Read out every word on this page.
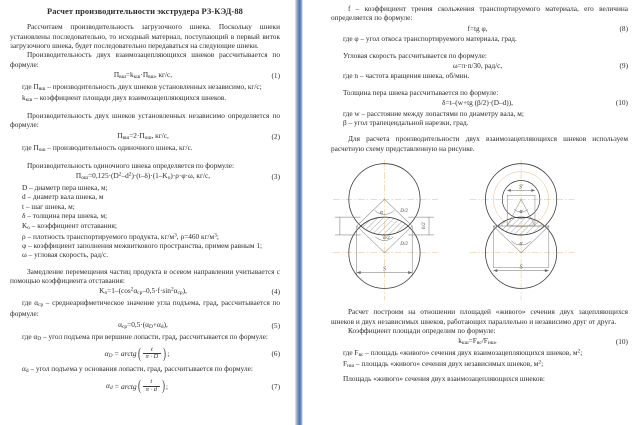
Расчет производительности экструдера РЗ-КЭД-88

Рассчитаем производительность загрузочного шнека. Поскольку шнеки установлены последовательно, то исходный материал, поступающий в первый виток загрузочного шнека, будет последовательно передаваться на следующие шнеки.

Производительность двух взаимозацепляющихся шнеков рассчитывается по формуле:

$П_{вш}=k_{кш}\cdot П_{вш}$, кг/с,	(1)

где $П_{вш}$ – производительность двух шнеков установленных независимо, кг/с;

$k_{кш}$ – коэффициент площади двух взаимозацепляющихся шнеков.

Производительность двух шнеков установленных независимо определяется по формуле:

$П_{вш}=2\cdot П_{ош}$, кг/с,	(2)

где $П_{ош}$ – производительность одиночного шнека, кг/с.

Производительность одиночного шнека определяется по формуле:

$П_{ош}=0,125\cdot(D^2-d^2)\cdot(t-\delta)\cdot(1-K_о)\cdot\rho\cdot\varphi\cdot\omega$, кг/с,	(3)

D – диаметр пера шнека, м;

d – диаметр вала шнека, м

t – шаг шнека, м;

δ – толщина пера шнека, м;

$K_о$ – коэффициент отставания;

ρ – плотность транспортируемого продукта, $кг/м^3$, ρ=460 $кг/м^3$;

φ – коэффициент заполнения межвиткового пространства, примем равным 1;

ω – угловая скорость, рад/с.

Замедление перемещения частиц продукта в осевом направлении учитывается с помощью коэффициента отставания:

$K_о=1-(\cos^2\alpha_{ср}-0,5\cdot f\cdot\sin^2\alpha_{ср})$,	(4)

где $\alpha_{ср}$ – среднеарифметическое значение угла подъема, град, рассчитывается по формуле:

$\alpha_{ср}=0,5\cdot(\alpha_D+\alpha_d)$,	(5)

где $\alpha_D$ – угол подъема при вершине лопасти, град, рассчитывается по формуле:

$\alpha_D$ = arctg ( $\frac{t}{\pi \cdot D}$ ) ;	(6)

$\alpha_d$ – угол подъема у основания лопасти, град, рассчитывается по формуле:

$\alpha_d$ = arctg ( $\frac{t}{\pi \cdot d}$ ) ;	(7)

f – коэффициент трения скольжения транспортируемого материала, его величина определяется по формуле:

f=tg φ,	(8)

где φ – угол откоса транспортируемого материала, град.

Угловая скорость рассчитывается по формуле:

ω=π·n/30, рад/с,	(9)

где n – частота вращения шнека, об/мин.

Толщина пера шнека рассчитывается по формуле:

δ=t–(w+tg (β/2)·(D–d)),	(10)

где w – расстояние между лопастями по диаметру вала, м;

β – угол трапецеидальной нарезки, град.

Для расчета производительности двух взаимозацепляющихся шнеков используем расчетную схему представленную на рисунке.

α	D/2
D/2
α/2
h/2
S
α
S'
α
S

Расчет построим на отношении площадей «живого» сечения двух зацепляющихся шнеков и двух независимых шнеков, работающих параллельно и независимо друг от друга.

Коэффициент площади определим по формуле:

$k_{кш}=F_{вс}/F_{нш}$,	(10)

где $F_{вс}$ – площадь «живого» сечения двух взаимозацепляющихся шнеков, $м^2$;

$F_{нш}$ – площадь «живого» сечения двух независимых шнеков, $м^2$;

Площадь «живого» сечения двух взаимозацепляющихся шнеков:
